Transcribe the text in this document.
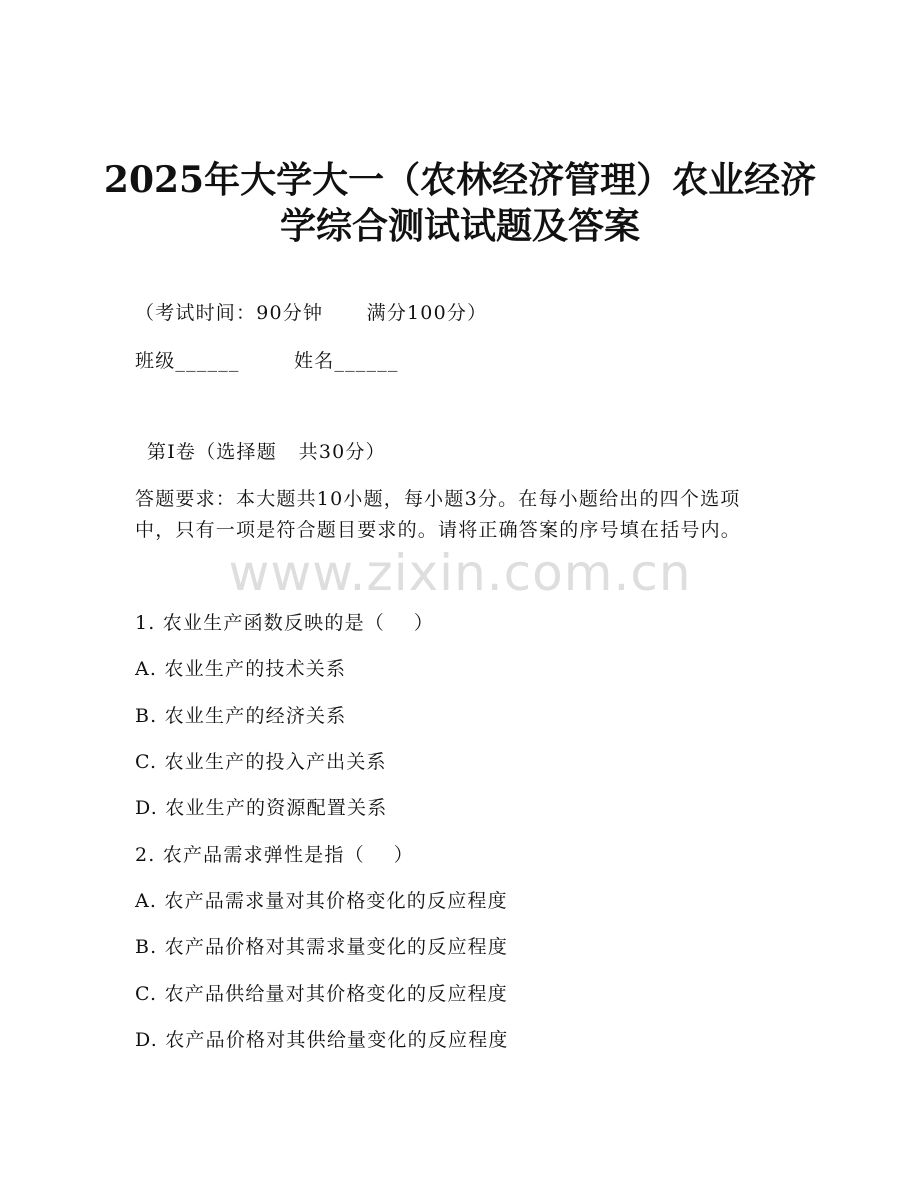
2025年大学大一（农林经济管理）农业经济
学综合测试试题及答案
（考试时间：90分钟      满分100分）
班级______	姓名______
第Ⅰ卷（选择题   共30分）
答题要求：本大题共10小题，每小题3分。在每小题给出的四个选项
中，只有一项是符合题目要求的。请将正确答案的序号填在括号内。
www.zixin.com.cn
1. 农业生产函数反映的是（    ）
A. 农业生产的技术关系
B. 农业生产的经济关系
C. 农业生产的投入产出关系
D. 农业生产的资源配置关系
2. 农产品需求弹性是指（    ）
A. 农产品需求量对其价格变化的反应程度
B. 农产品价格对其需求量变化的反应程度
C. 农产品供给量对其价格变化的反应程度
D. 农产品价格对其供给量变化的反应程度
